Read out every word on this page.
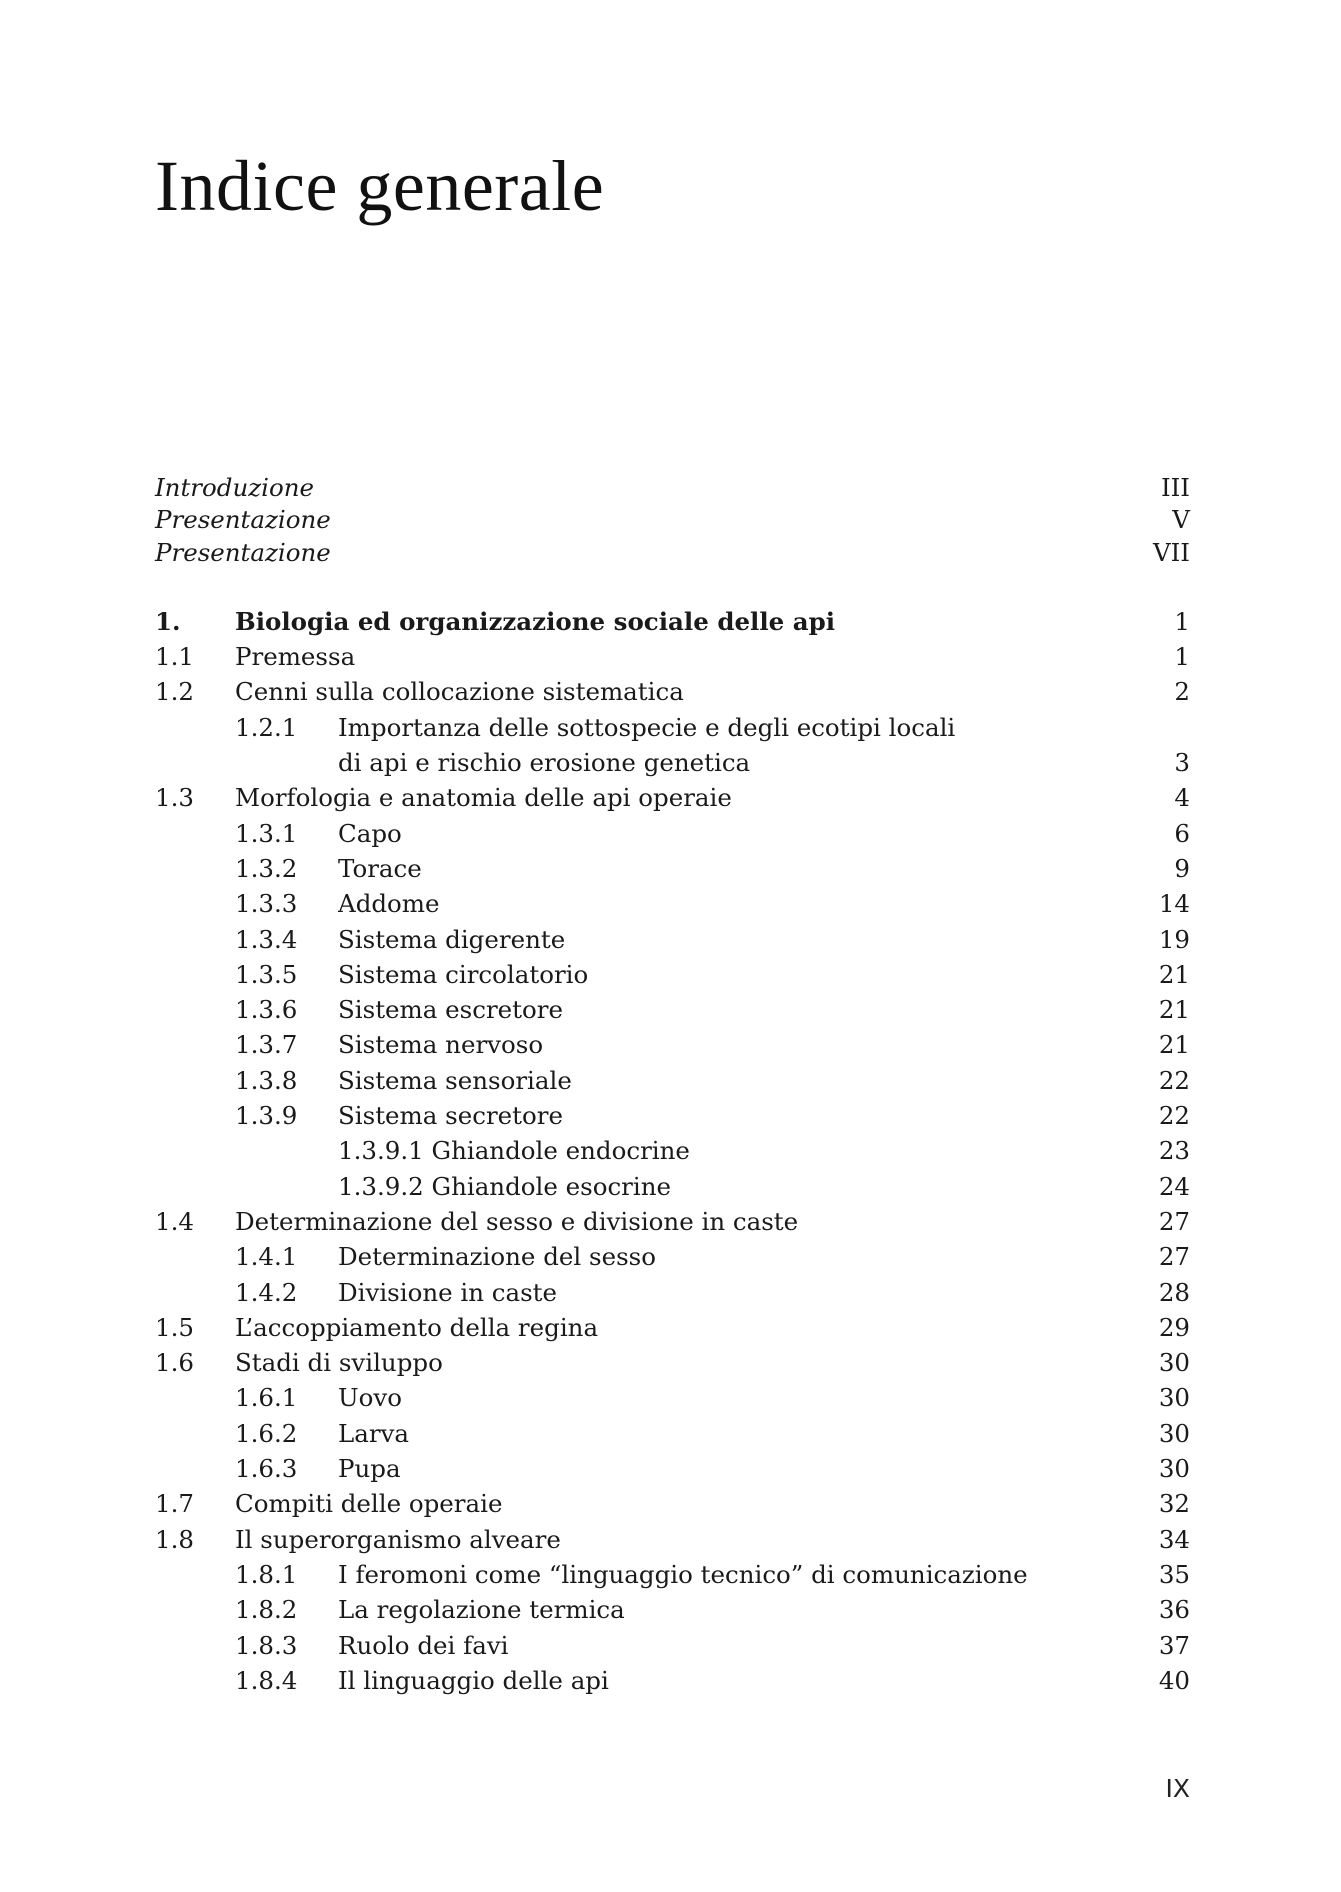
Indice generale
Introduzione	III
Presentazione	V
Presentazione	VII
1. Biologia ed organizzazione sociale delle api	1
1.1 Premessa	1
1.2 Cenni sulla collocazione sistematica	2
1.2.1 Importanza delle sottospecie e degli ecotipi locali
di api e rischio erosione genetica	3
1.3 Morfologia e anatomia delle api operaie	4
1.3.1 Capo	6
1.3.2 Torace	9
1.3.3 Addome	14
1.3.4 Sistema digerente	19
1.3.5 Sistema circolatorio	21
1.3.6 Sistema escretore	21
1.3.7 Sistema nervoso	21
1.3.8 Sistema sensoriale	22
1.3.9 Sistema secretore	22
1.3.9.1 Ghiandole endocrine	23
1.3.9.2 Ghiandole esocrine	24
1.4 Determinazione del sesso e divisione in caste	27
1.4.1 Determinazione del sesso	27
1.4.2 Divisione in caste	28
1.5 L’accoppiamento della regina	29
1.6 Stadi di sviluppo	30
1.6.1 Uovo	30
1.6.2 Larva	30
1.6.3 Pupa	30
1.7 Compiti delle operaie	32
1.8 Il superorganismo alveare	34
1.8.1 I feromoni come “linguaggio tecnico” di comunicazione	35
1.8.2 La regolazione termica	36
1.8.3 Ruolo dei favi	37
1.8.4 Il linguaggio delle api	40
IX
